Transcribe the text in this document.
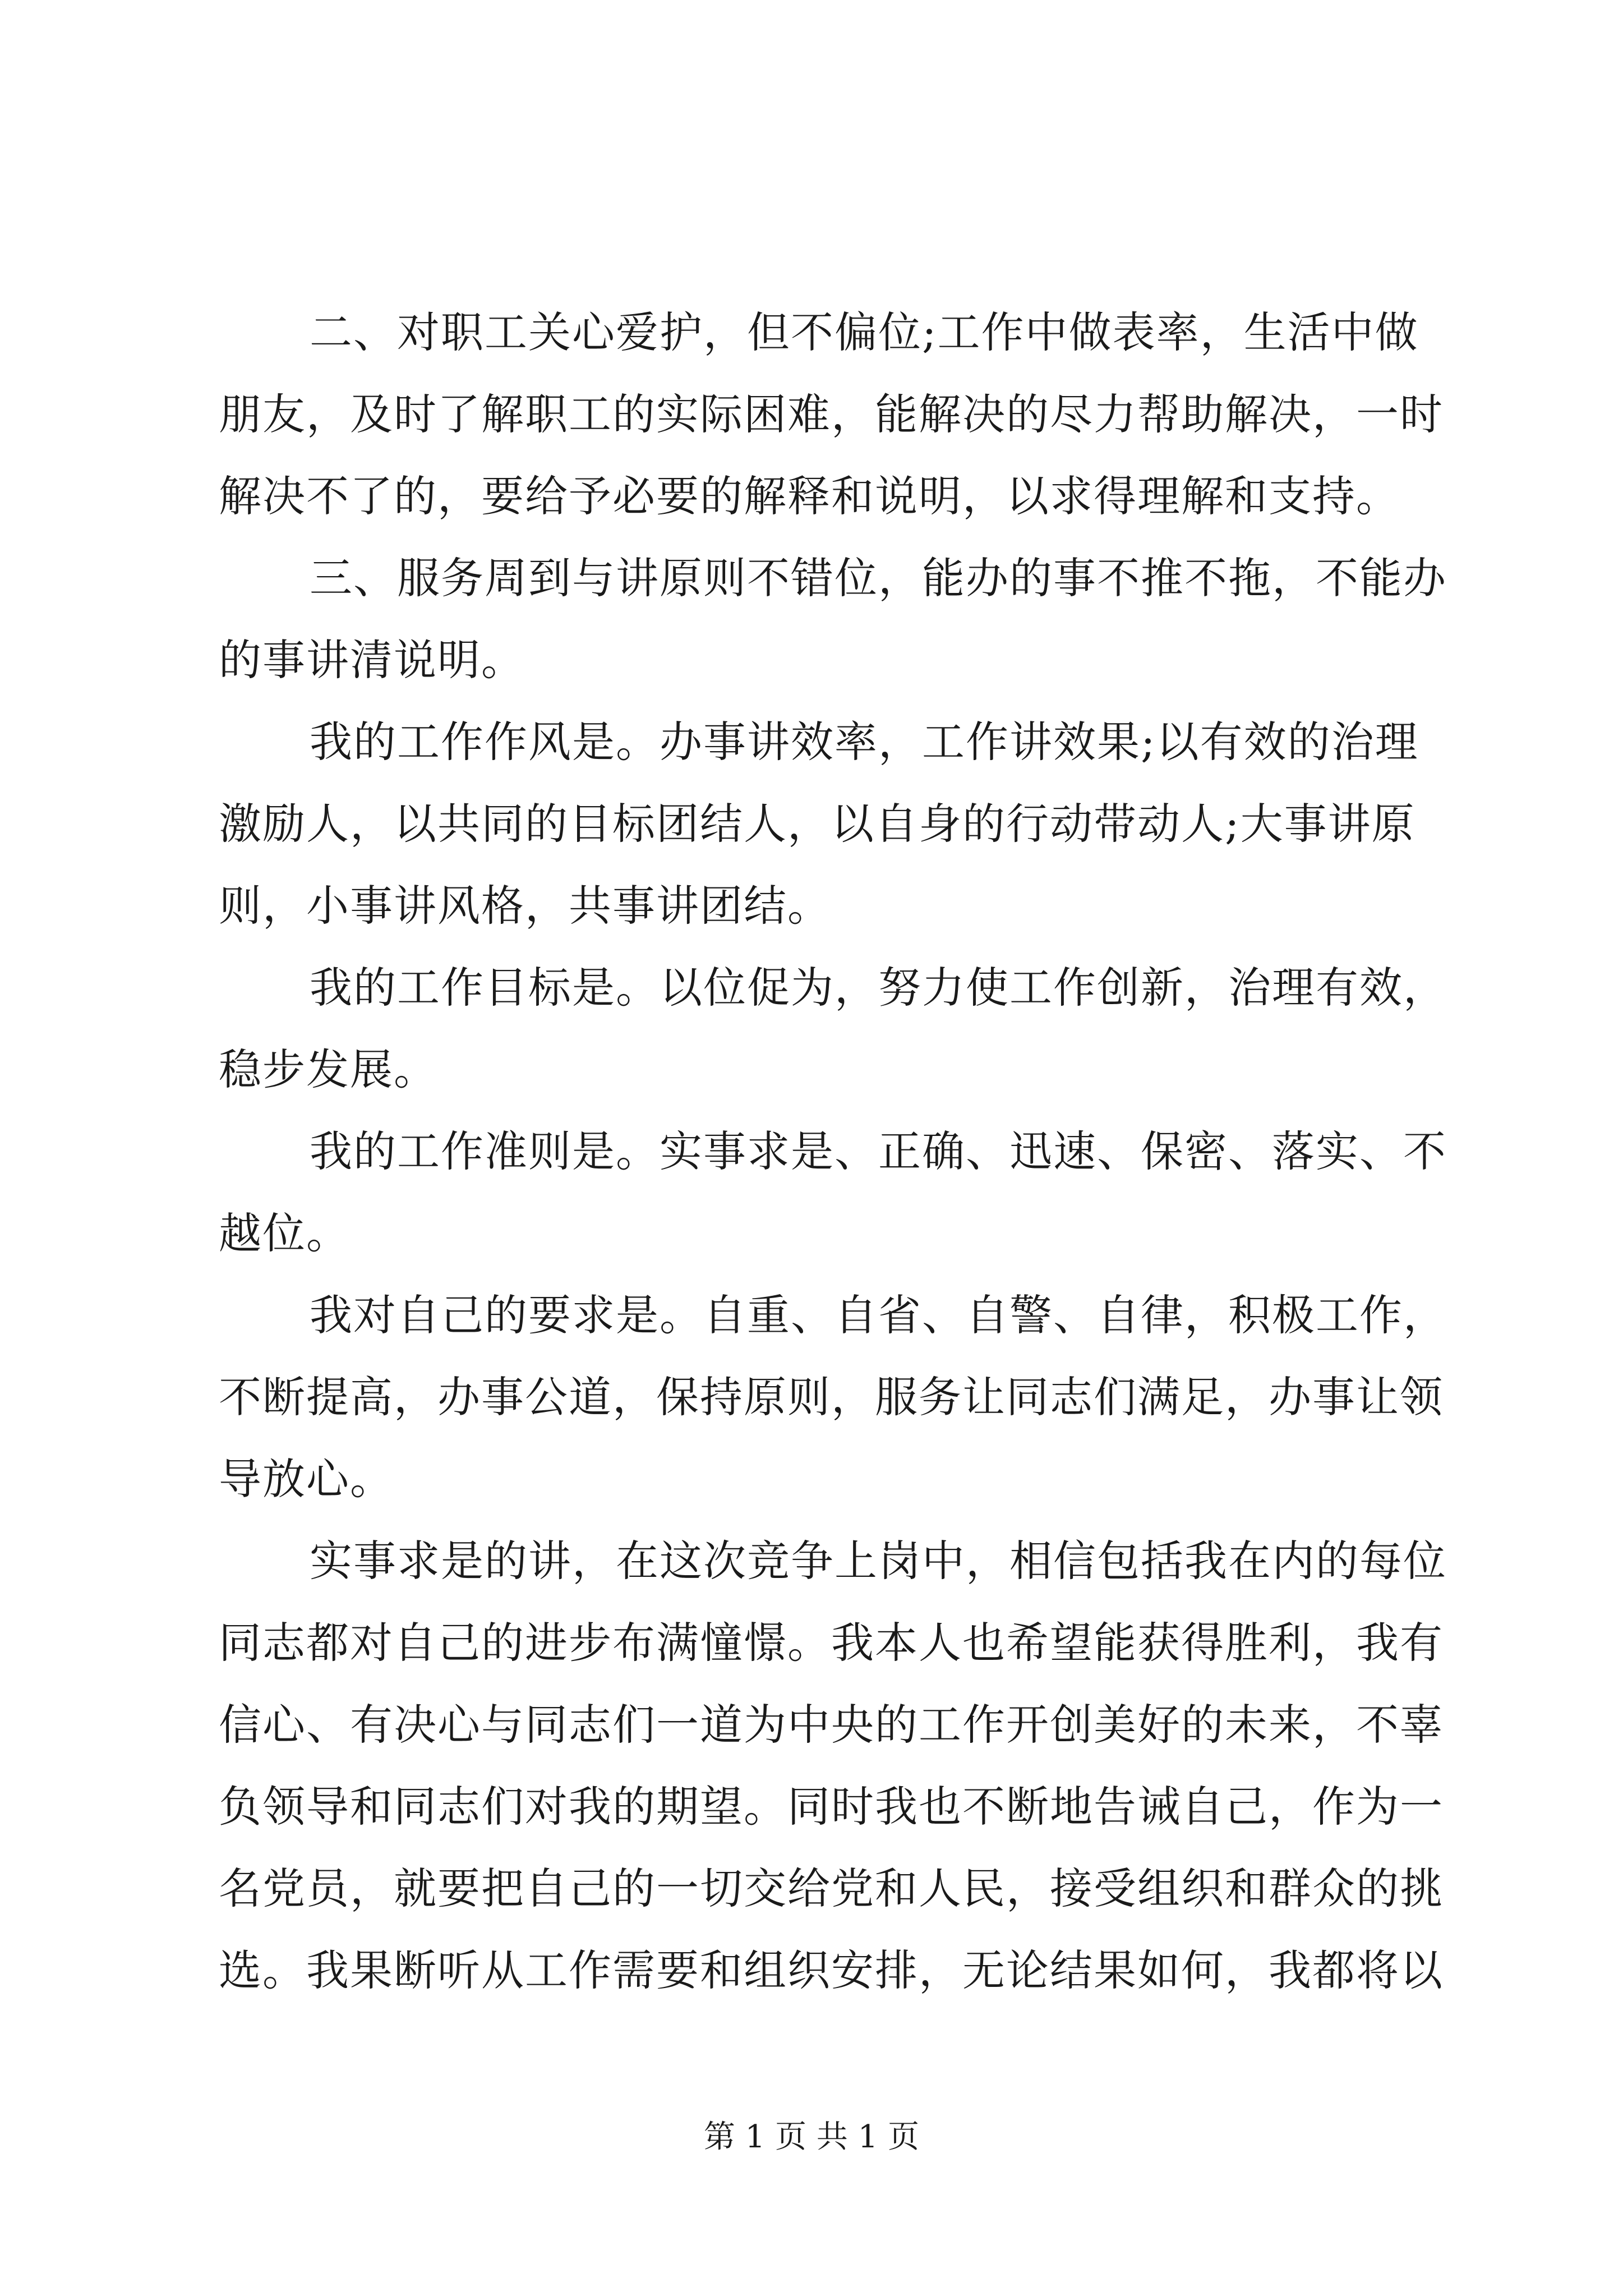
二、对职工关心爱护，但不偏位;工作中做表率，生活中做
朋友，及时了解职工的实际困难，能解决的尽力帮助解决，一时
解决不了的，要给予必要的解释和说明，以求得理解和支持。
三、服务周到与讲原则不错位，能办的事不推不拖，不能办
的事讲清说明。
我的工作作风是。办事讲效率，工作讲效果;以有效的治理
激励人，以共同的目标团结人，以自身的行动带动人;大事讲原
则，小事讲风格，共事讲团结。
我的工作目标是。以位促为，努力使工作创新，治理有效，
稳步发展。
我的工作准则是。实事求是、正确、迅速、保密、落实、不
越位。
我对自己的要求是。自重、自省、自警、自律，积极工作，
不断提高，办事公道，保持原则，服务让同志们满足，办事让领
导放心。
实事求是的讲，在这次竞争上岗中，相信包括我在内的每位
同志都对自己的进步布满憧憬。我本人也希望能获得胜利，我有
信心、有决心与同志们一道为中央的工作开创美好的未来，不辜
负领导和同志们对我的期望。同时我也不断地告诫自己，作为一
名党员，就要把自己的一切交给党和人民，接受组织和群众的挑
选。我果断听从工作需要和组织安排，无论结果如何，我都将以
第 1 页 共 1 页
